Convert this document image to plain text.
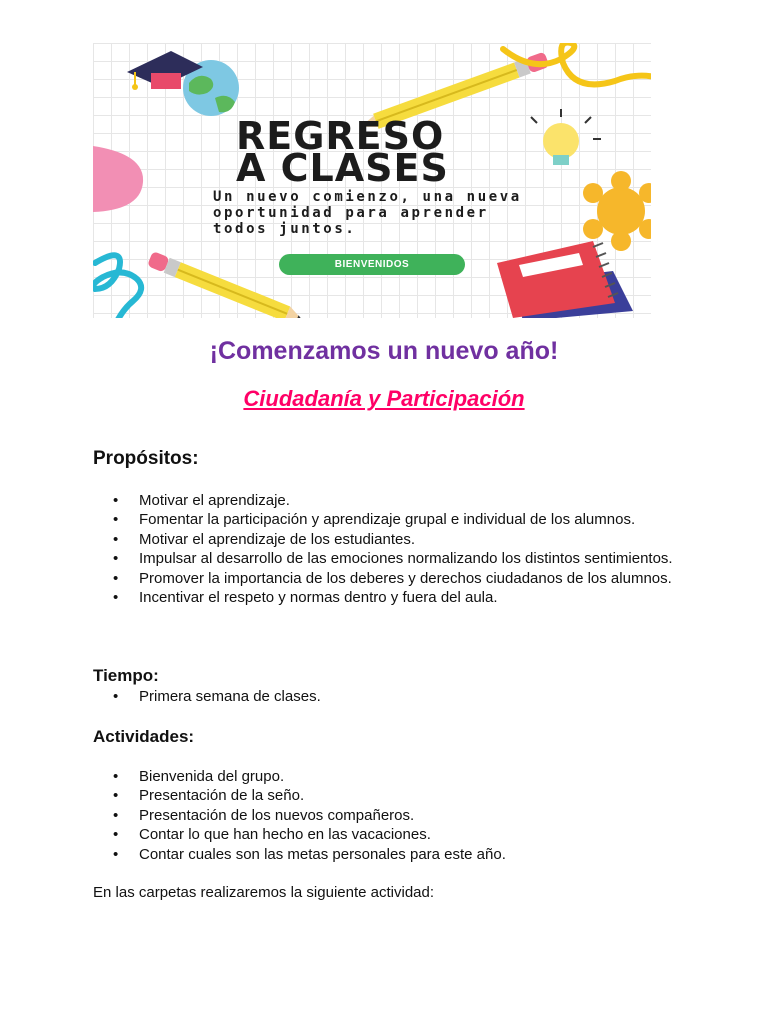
REGRESO
A CLASES
Un nuevo comienzo, una nueva oportunidad para aprender todos juntos.
BIENVENIDOS
¡Comenzamos un nuevo año!
Ciudadanía y Participación
Propósitos:
• Motivar el aprendizaje.
• Fomentar la participación y aprendizaje grupal e individual de los alumnos.
• Motivar el aprendizaje de los estudiantes.
• Impulsar al desarrollo de las emociones normalizando los distintos sentimientos.
• Promover la importancia de los deberes y derechos ciudadanos de los alumnos.
• Incentivar el respeto y normas dentro y fuera del aula.
Tiempo:
• Primera semana de clases.
Actividades:
• Bienvenida del grupo.
• Presentación de la seño.
• Presentación de los nuevos compañeros.
• Contar lo que han hecho en las vacaciones.
• Contar cuales son las metas personales para este año.
En las carpetas realizaremos la siguiente actividad:
